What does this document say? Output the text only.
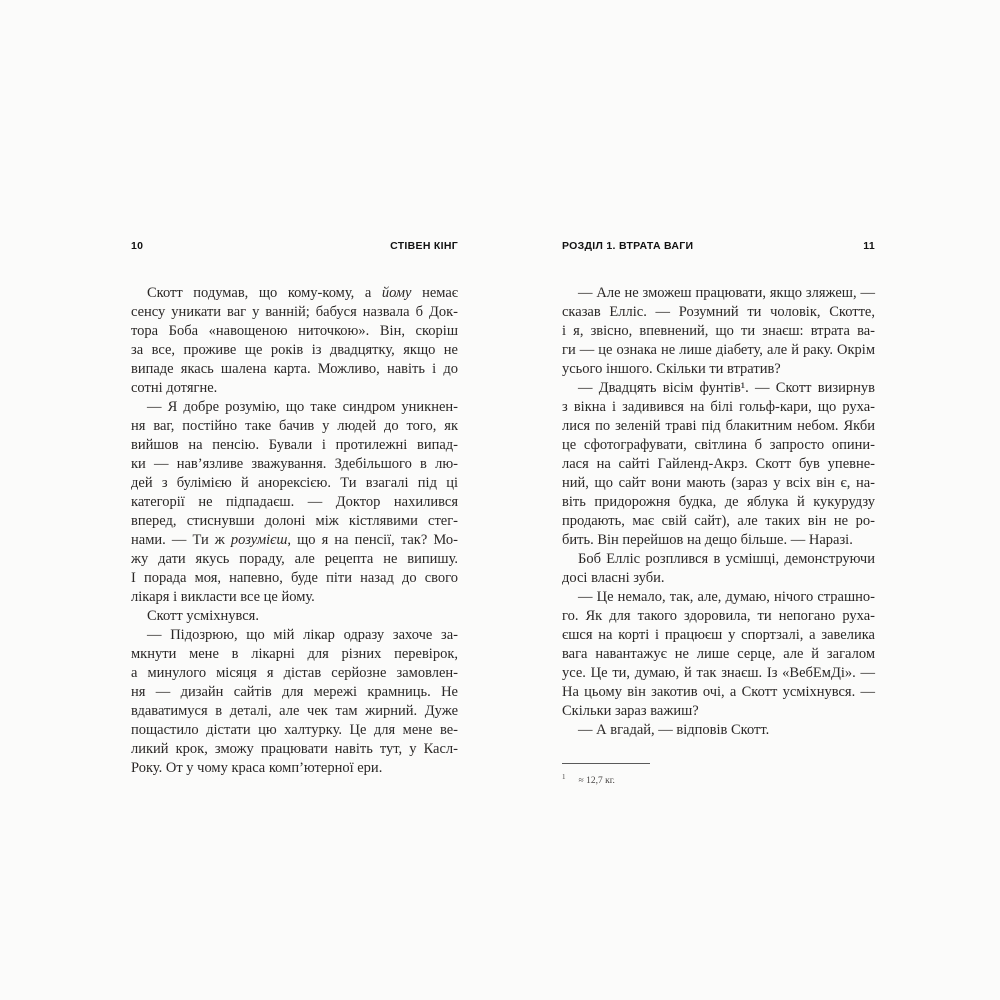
10	СТІВЕН КІНГ
Скотт подумав, що кому-кому, а йому немає
сенсу уникати ваг у ванній; бабуся назвала б Док-
тора Боба «навощеною ниточкою». Він, скоріш
за все, проживе ще років із двадцятку, якщо не
випаде якась шалена карта. Можливо, навіть і до
сотні дотягне.
— Я добре розумію, що таке синдром уникнен-
ня ваг, постійно таке бачив у людей до того, як
вийшов на пенсію. Бували і протилежні випад-
ки — нав’язливе зважування. Здебільшого в лю-
дей з булімією й анорексією. Ти взагалі під ці
категорії не підпадаєш. — Доктор нахилився
вперед, стиснувши долоні між кістлявими стег-
нами. — Ти ж розумієш, що я на пенсії, так? Мо-
жу дати якусь пораду, але рецепта не випишу.
І порада моя, напевно, буде піти назад до свого
лікаря і викласти все це йому.
Скотт усміхнувся.
— Підозрюю, що мій лікар одразу захоче за-
мкнути мене в лікарні для різних перевірок,
а минулого місяця я дістав серйозне замовлен-
ня — дизайн сайтів для мережі крамниць. Не
вдаватимуся в деталі, але чек там жирний. Дуже
пощастило дістати цю халтурку. Це для мене ве-
ликий крок, зможу працювати навіть тут, у Касл-
Року. От у чому краса комп’ютерної ери.
РОЗДІЛ 1. ВТРАТА ВАГИ	11
— Але не зможеш працювати, якщо зляжеш, —
сказав Елліс. — Розумний ти чоловік, Скотте,
і я, звісно, впевнений, що ти знаєш: втрата ва-
ги — це ознака не лише діабету, але й раку. Окрім
усього іншого. Скільки ти втратив?
— Двадцять вісім фунтів¹. — Скотт визирнув
з вікна і задивився на білі гольф-кари, що руха-
лися по зеленій траві під блакитним небом. Якби
це сфотографувати, світлина б запросто опини-
лася на сайті Гайленд-Акрз. Скотт був упевне-
ний, що сайт вони мають (зараз у всіх він є, на-
віть придорожня будка, де яблука й кукурудзу
продають, має свій сайт), але таких він не ро-
бить. Він перейшов на дещо більше. — Наразі.
Боб Елліс розплився в усмішці, демонструючи
досі власні зуби.
— Це немало, так, але, думаю, нічого страшно-
го. Як для такого здоровила, ти непогано руха-
єшся на корті і працюєш у спортзалі, а завелика
вага навантажує не лише серце, але й загалом
усе. Це ти, думаю, й так знаєш. Із «ВебЕмДі». —
На цьому він закотив очі, а Скотт усміхнувся. —
Скільки зараз важиш?
— А вгадай, — відповів Скотт.
$^1$ ≈ 12,7 кг.
